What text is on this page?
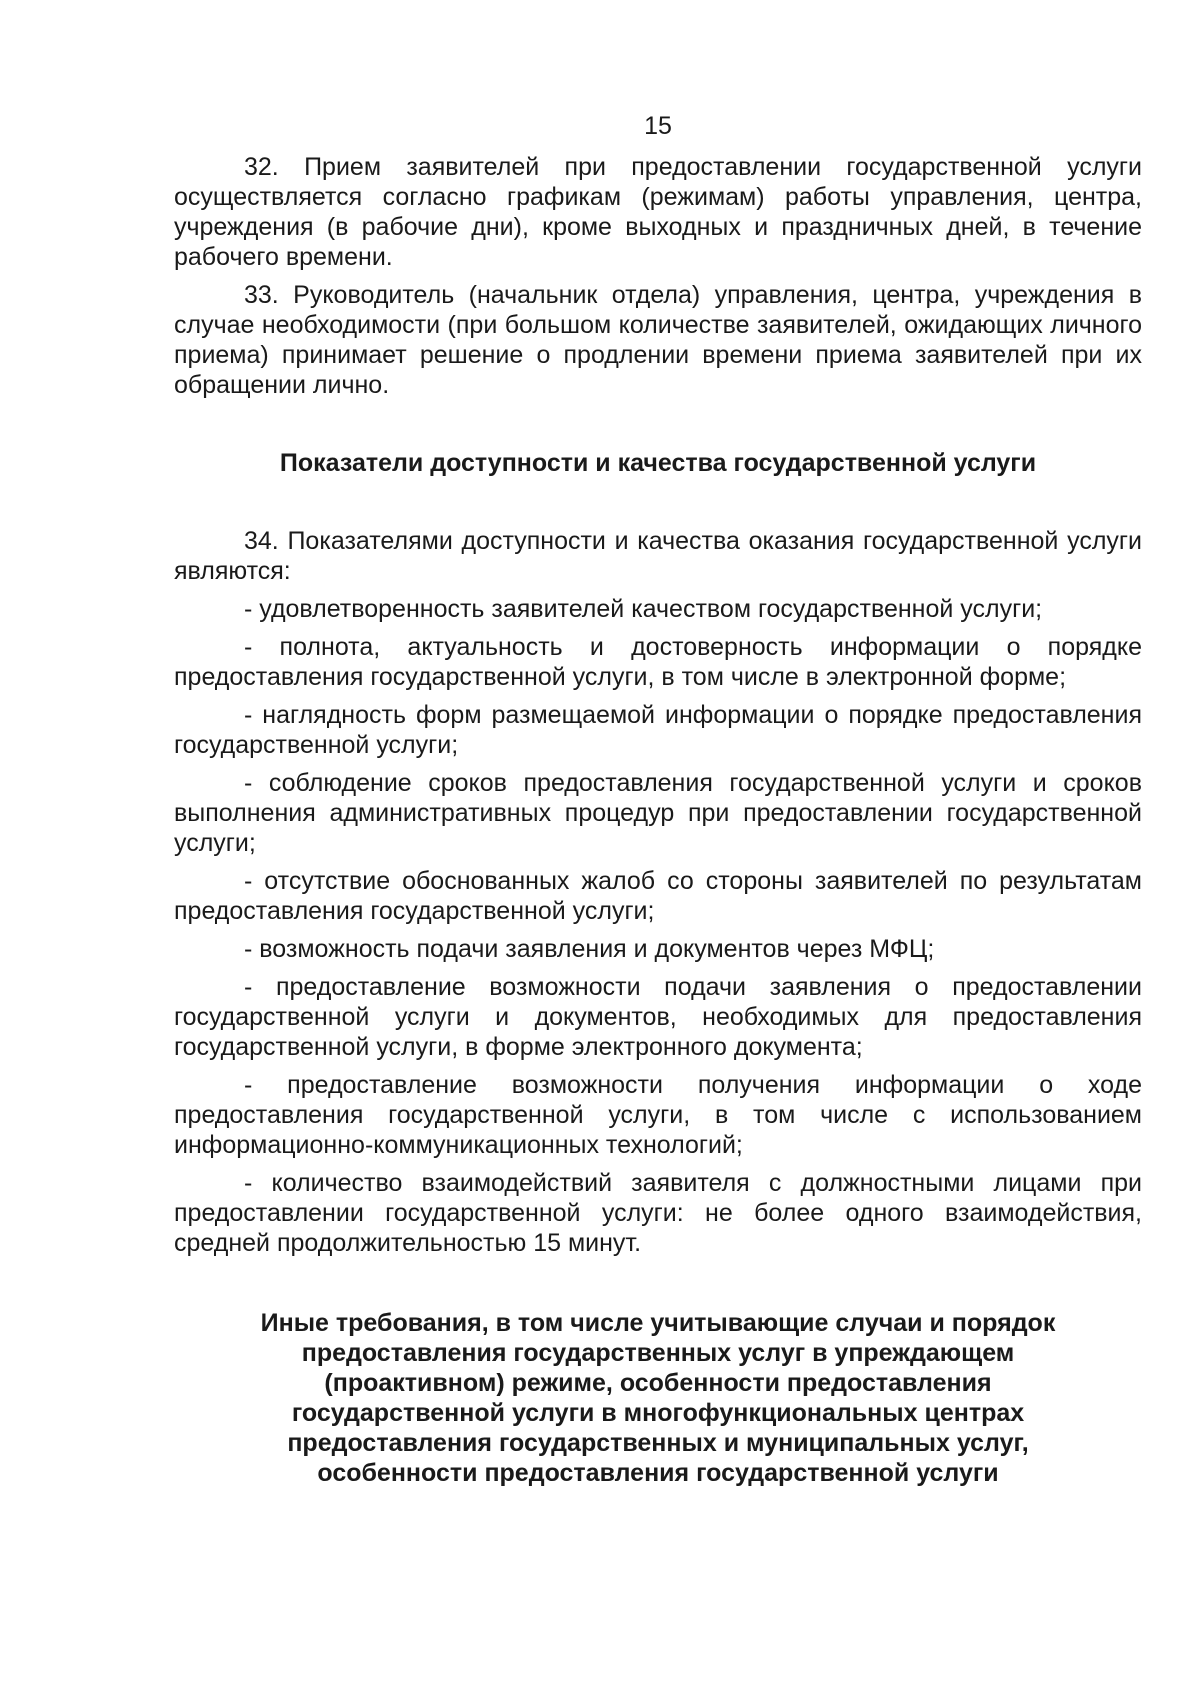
15

32. Прием заявителей при предоставлении государственной услуги осуществляется согласно графикам (режимам) работы управления, центра, учреждения (в рабочие дни), кроме выходных и праздничных дней, в течение рабочего времени.

33. Руководитель (начальник отдела) управления, центра, учреждения в случае необходимости (при большом количестве заявителей, ожидающих личного приема) принимает решение о продлении времени приема заявителей при их обращении лично.

Показатели доступности и качества государственной услуги

34. Показателями доступности и качества оказания государственной услуги являются:

- удовлетворенность заявителей качеством государственной услуги;

- полнота, актуальность и достоверность информации о порядке предоставления государственной услуги, в том числе в электронной форме;

- наглядность форм размещаемой информации о порядке предоставления государственной услуги;

- соблюдение сроков предоставления государственной услуги и сроков выполнения административных процедур при предоставлении государственной услуги;

- отсутствие обоснованных жалоб со стороны заявителей по результатам предоставления государственной услуги;

- возможность подачи заявления и документов через МФЦ;

- предоставление возможности подачи заявления о предоставлении государственной услуги и документов, необходимых для предоставления государственной услуги, в форме электронного документа;

- предоставление возможности получения информации о ходе предоставления государственной услуги, в том числе с использованием информационно-коммуникационных технологий;

- количество взаимодействий заявителя с должностными лицами при предоставлении государственной услуги: не более одного взаимодействия, средней продолжительностью 15 минут.

Иные требования, в том числе учитывающие случаи и порядок предоставления государственных услуг в упреждающем (проактивном) режиме, особенности предоставления государственной услуги в многофункциональных центрах предоставления государственных и муниципальных услуг, особенности предоставления государственной услуги
